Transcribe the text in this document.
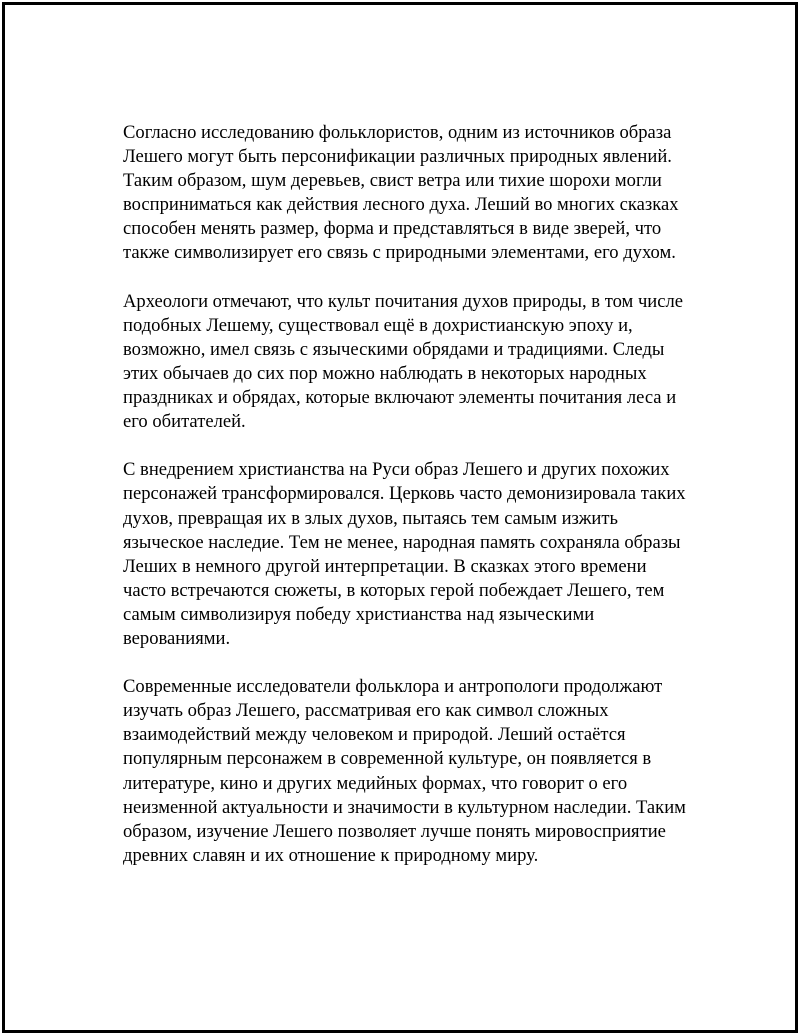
Согласно исследованию фольклористов, одним из источников образа
Лешего могут быть персонификации различных природных явлений.
Таким образом, шум деревьев, свист ветра или тихие шорохи могли
восприниматься как действия лесного духа. Леший во многих сказках
способен менять размер, форма и представляться в виде зверей, что
также символизирует его связь с природными элементами, его духом.

Археологи отмечают, что культ почитания духов природы, в том числе
подобных Лешему, существовал ещё в дохристианскую эпоху и,
возможно, имел связь с языческими обрядами и традициями. Следы
этих обычаев до сих пор можно наблюдать в некоторых народных
праздниках и обрядах, которые включают элементы почитания леса и
его обитателей.

С внедрением христианства на Руси образ Лешего и других похожих
персонажей трансформировался. Церковь часто демонизировала таких
духов, превращая их в злых духов, пытаясь тем самым изжить
языческое наследие. Тем не менее, народная память сохраняла образы
Леших в немного другой интерпретации. В сказках этого времени
часто встречаются сюжеты, в которых герой побеждает Лешего, тем
самым символизируя победу христианства над языческими
верованиями.

Современные исследователи фольклора и антропологи продолжают
изучать образ Лешего, рассматривая его как символ сложных
взаимодействий между человеком и природой. Леший остаётся
популярным персонажем в современной культуре, он появляется в
литературе, кино и других медийных формах, что говорит о его
неизменной актуальности и значимости в культурном наследии. Таким
образом, изучение Лешего позволяет лучше понять мировосприятие
древних славян и их отношение к природному миру.
